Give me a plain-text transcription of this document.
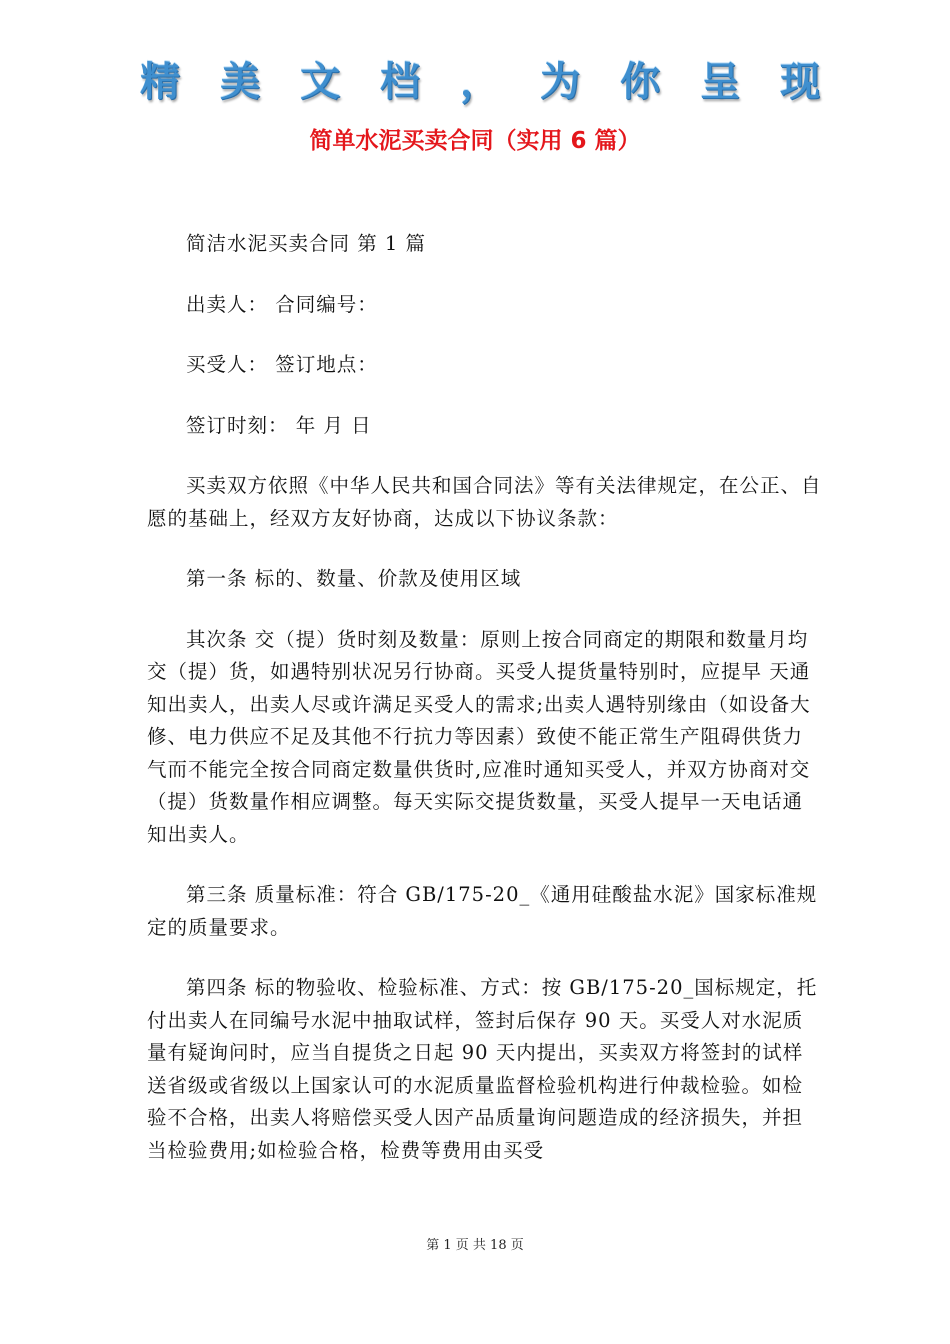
精 美 文 档 ， 为 你 呈 现
简单水泥买卖合同（实用 6 篇）

简洁水泥买卖合同 第 1 篇

出卖人： 合同编号：

买受人： 签订地点：

签订时刻： 年 月 日

买卖双方依照《中华人民共和国合同法》等有关法律规定，在公正、自愿的基础上，经双方友好协商，达成以下协议条款：

第一条 标的、数量、价款及使用区域

其次条 交（提）货时刻及数量：原则上按合同商定的期限和数量月均交（提）货，如遇特别状况另行协商。买受人提货量特别时，应提早 天通知出卖人，出卖人尽或许满足买受人的需求;出卖人遇特别缘由（如设备大修、电力供应不足及其他不行抗力等因素）致使不能正常生产阻碍供货力气而不能完全按合同商定数量供货时,应准时通知买受人，并双方协商对交（提）货数量作相应调整。每天实际交提货数量，买受人提早一天电话通知出卖人。

第三条 质量标准：符合 GB/175-20_《通用硅酸盐水泥》国家标准规定的质量要求。

第四条 标的物验收、检验标准、方式：按 GB/175-20_国标规定，托付出卖人在同编号水泥中抽取试样，签封后保存 90 天。买受人对水泥质量有疑询问时，应当自提货之日起 90 天内提出，买卖双方将签封的试样送省级或省级以上国家认可的水泥质量监督检验机构进行仲裁检验。如检验不合格，出卖人将赔偿买受人因产品质量询问题造成的经济损失，并担当检验费用;如检验合格，检费等费用由买受

第 1 页 共 18 页
